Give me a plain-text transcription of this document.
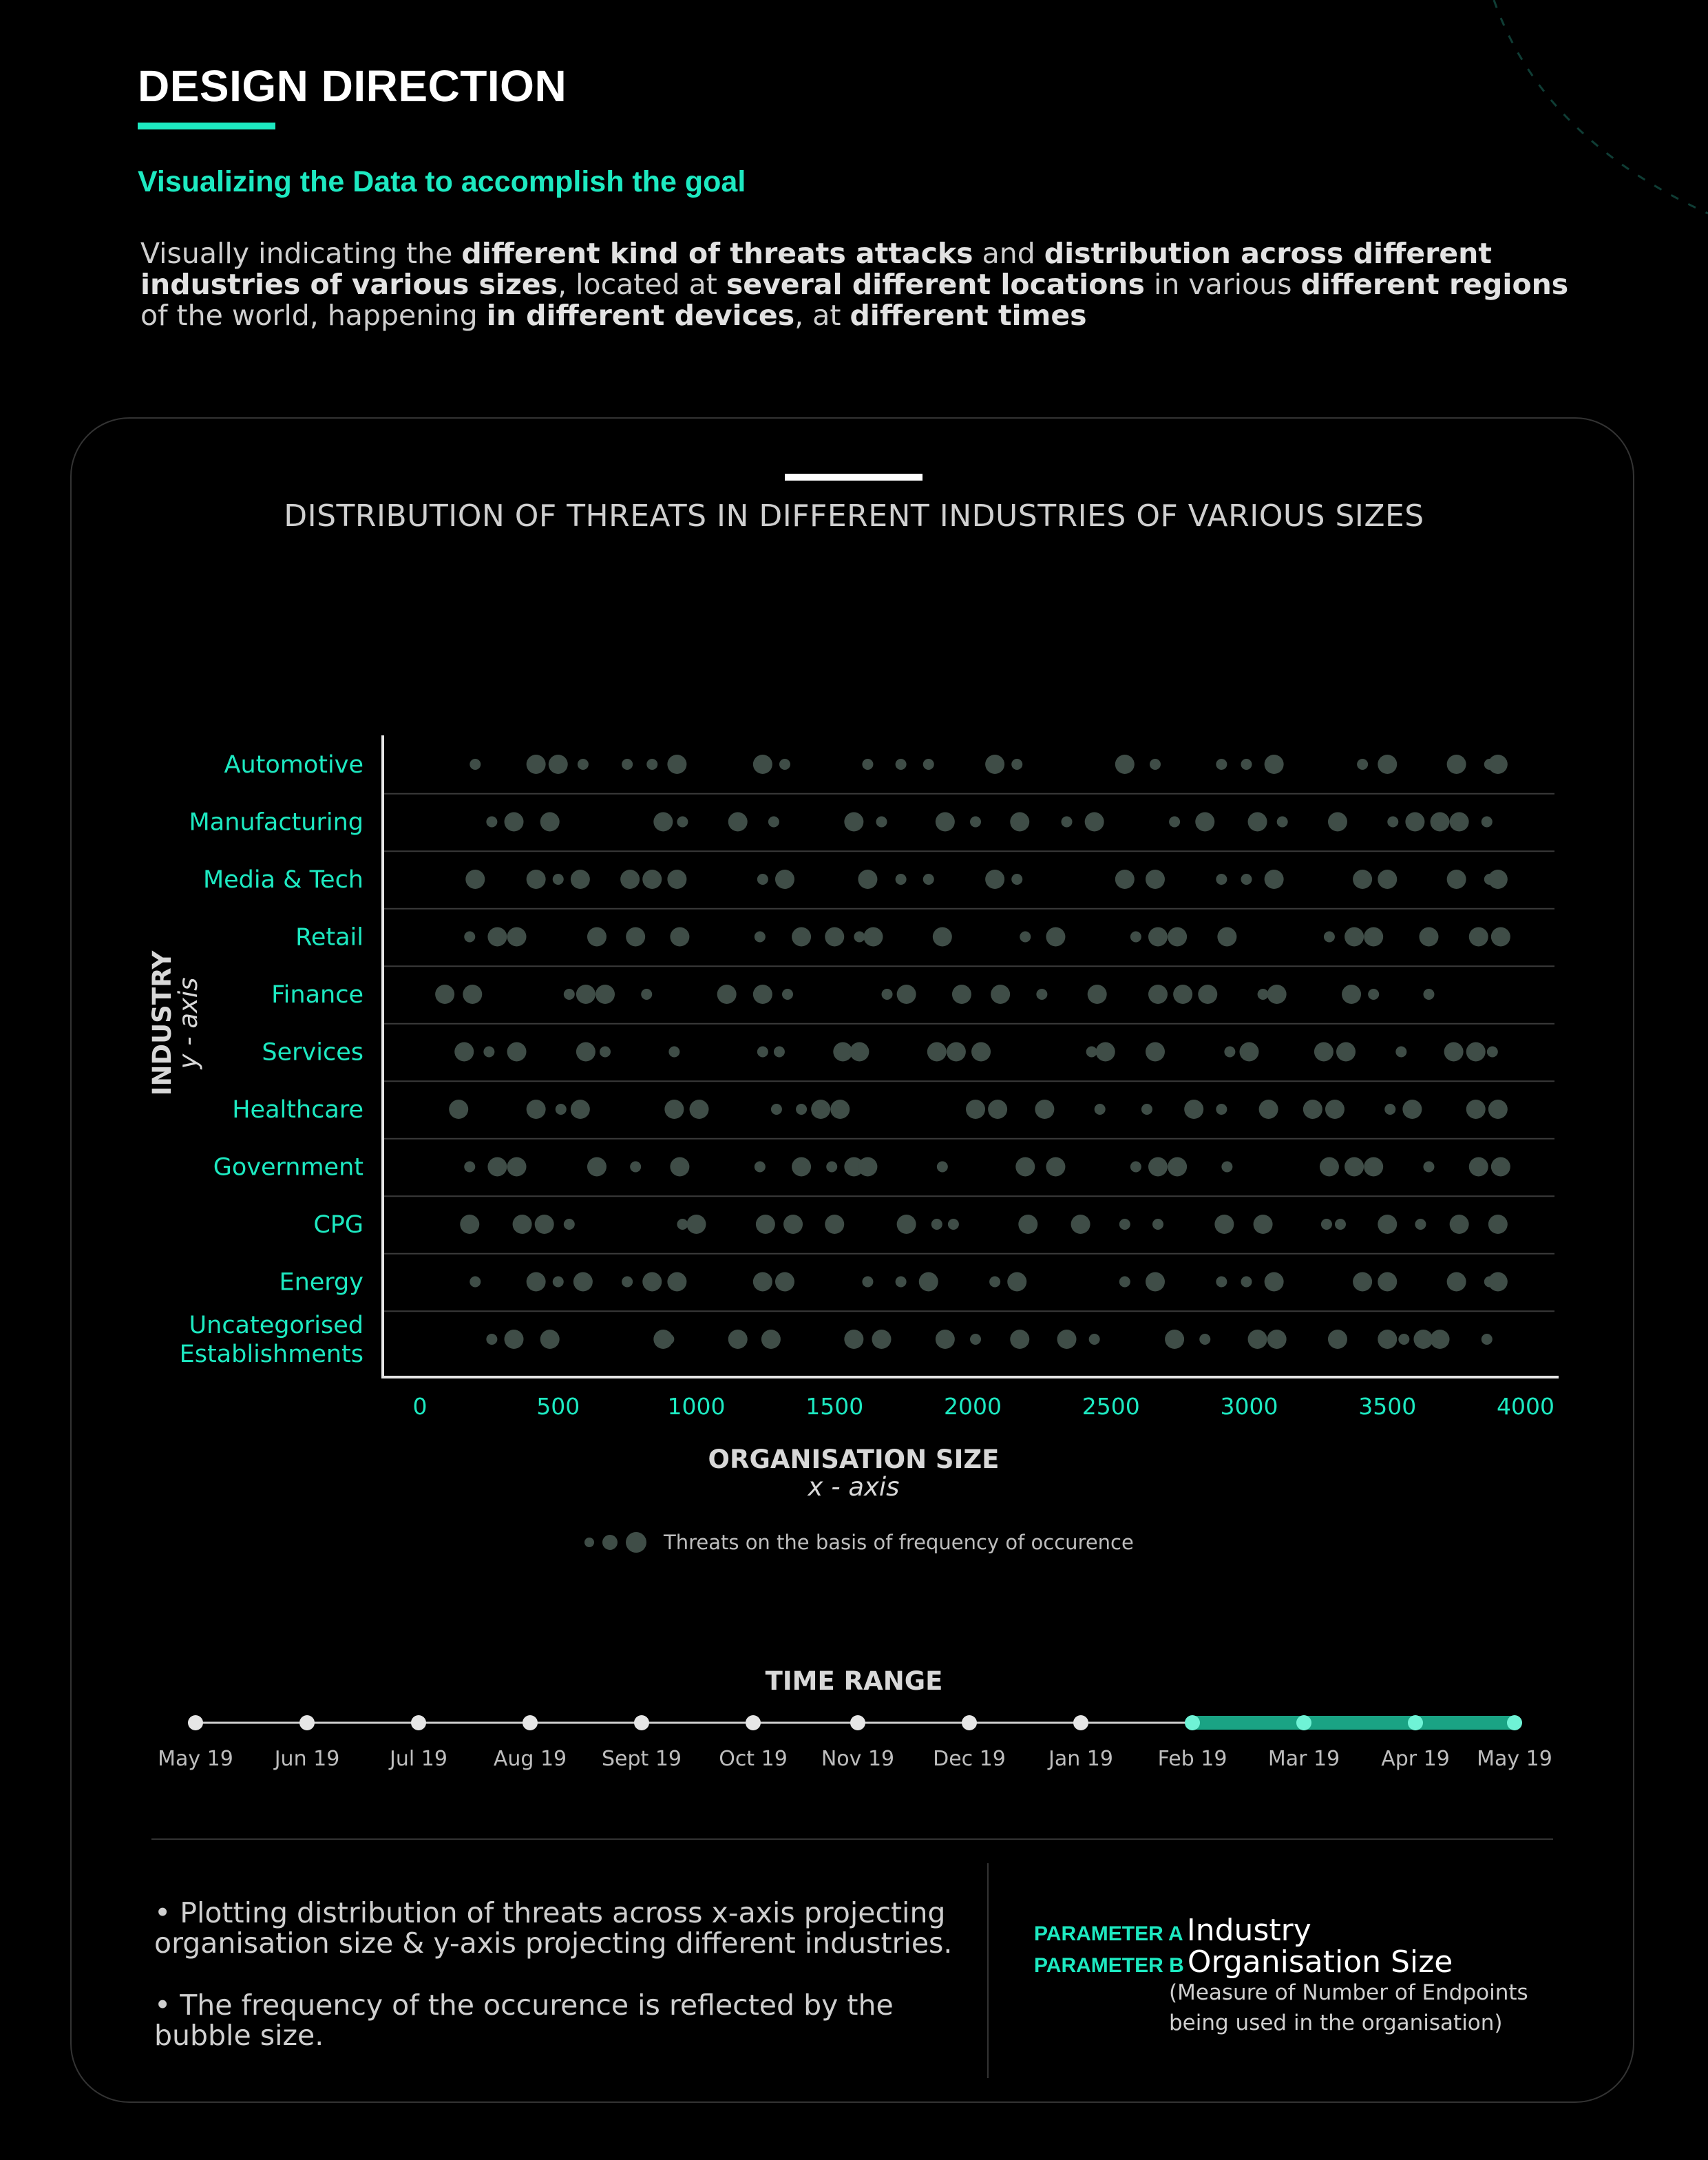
DESIGN DIRECTION
Visualizing the Data to accomplish the goal
Visually indicating the different kind of threats attacks and distribution across different industries of various sizes, located at several different locations in various different regions of the world, happening in different devices, at different times
DISTRIBUTION OF THREATS IN DIFFERENT INDUSTRIES OF VARIOUS SIZES
Automotive
Manufacturing
Media & Tech
Retail
Finance
Services
Healthcare
Government
CPG
Energy
Uncategorised
Establishments
0	500	1000	1500	2000	2500	3000	3500	4000
ORGANISATION SIZE
x - axis
INDUSTRY
y - axis
Threats on the basis of frequency of occurence
TIME RANGE
May 19 Jun 19 Jul 19 Aug 19 Sept 19 Oct 19 Nov 19 Dec 19 Jan 19 Feb 19 Mar 19 Apr 19 May 19
• Plotting distribution of threats across x-axis projecting organisation size & y-axis projecting different industries.
• The frequency of the occurence is reflected by the bubble size.
PARAMETER A Industry
PARAMETER B Organisation Size
(Measure of Number of Endpoints being used in the organisation)
